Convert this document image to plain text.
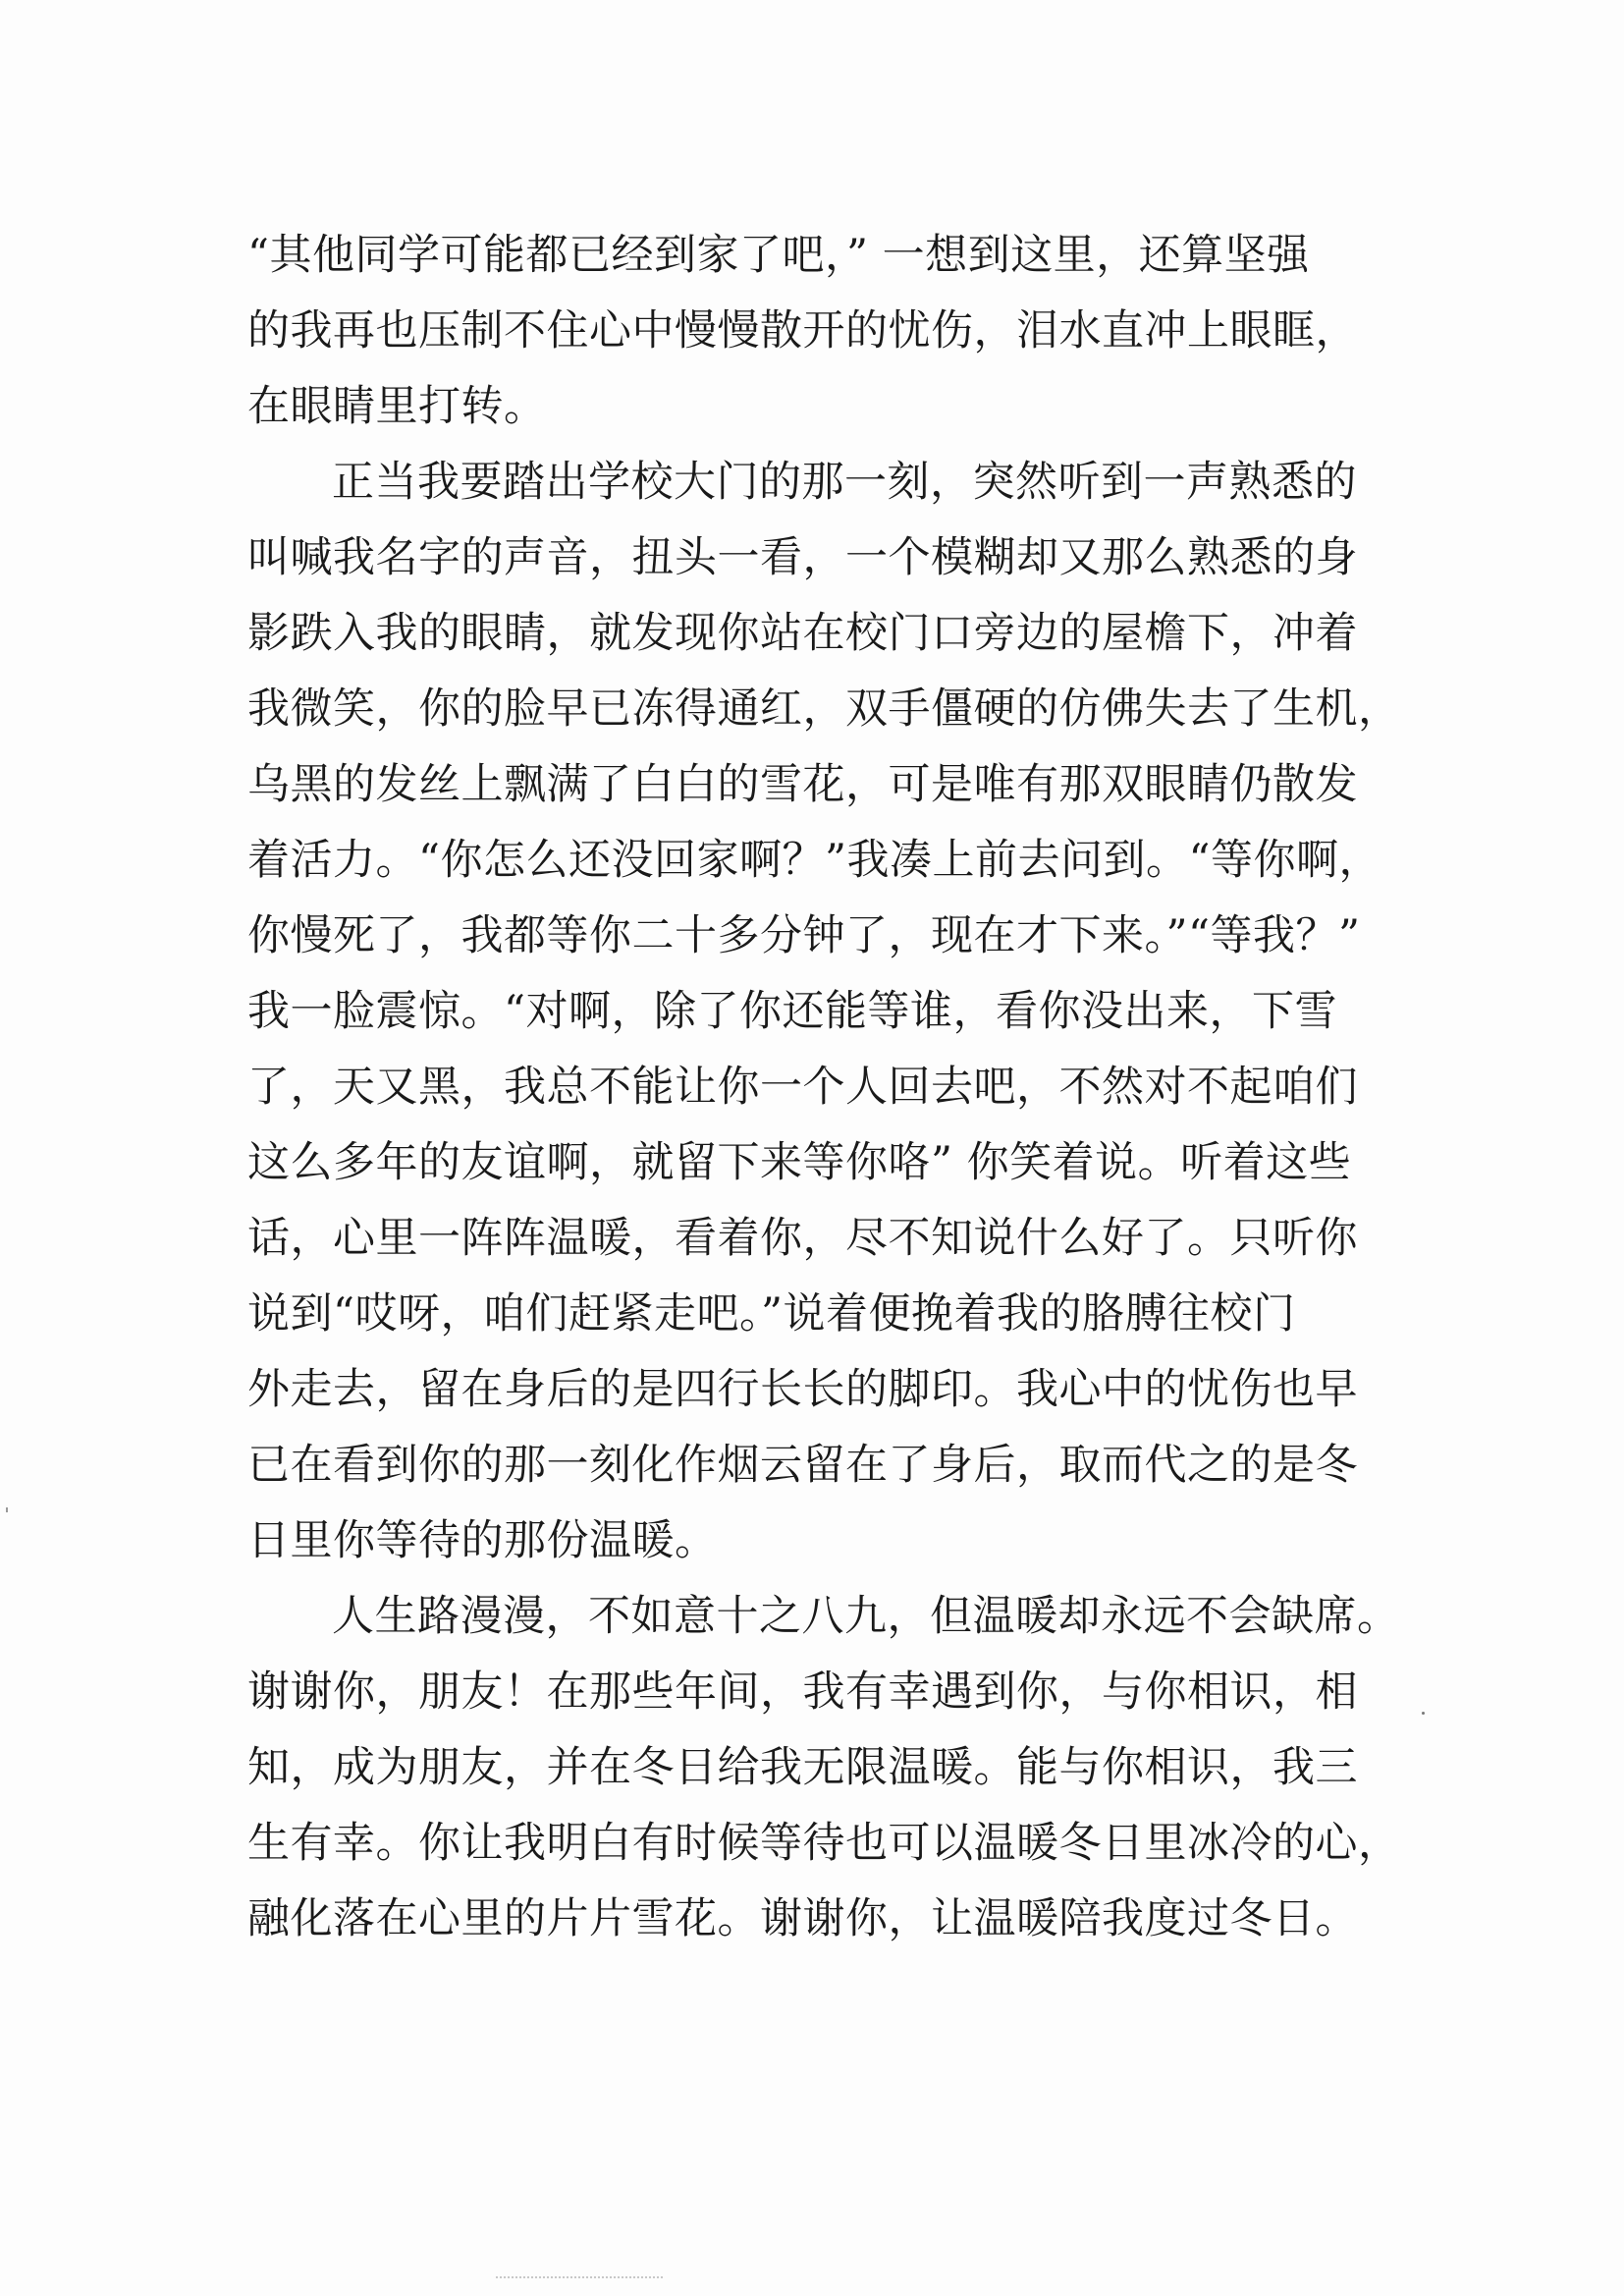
“其他同学可能都已经到家了吧，” 一想到这里，还算坚强
的我再也压制不住心中慢慢散开的忧伤，泪水直冲上眼眶，
在眼睛里打转。
正当我要踏出学校大门的那一刻，突然听到一声熟悉的
叫喊我名字的声音，扭头一看，一个模糊却又那么熟悉的身
影跌入我的眼睛，就发现你站在校门口旁边的屋檐下，冲着
我微笑，你的脸早已冻得通红，双手僵硬的仿佛失去了生机，
乌黑的发丝上飘满了白白的雪花，可是唯有那双眼睛仍散发
着活力。“你怎么还没回家啊？”我凑上前去问到。“等你啊，
你慢死了，我都等你二十多分钟了，现在才下来。”“等我？”
我一脸震惊。“对啊，除了你还能等谁，看你没出来，下雪
了，天又黑，我总不能让你一个人回去吧，不然对不起咱们
这么多年的友谊啊，就留下来等你咯” 你笑着说。听着这些
话，心里一阵阵温暖，看着你，尽不知说什么好了。只听你
说到“哎呀，咱们赶紧走吧。”说着便挽着我的胳膊往校门
外走去，留在身后的是四行长长的脚印。我心中的忧伤也早
已在看到你的那一刻化作烟云留在了身后，取而代之的是冬
日里你等待的那份温暖。
人生路漫漫，不如意十之八九，但温暖却永远不会缺席。
谢谢你，朋友！在那些年间，我有幸遇到你，与你相识，相
知，成为朋友，并在冬日给我无限温暖。能与你相识，我三
生有幸。你让我明白有时候等待也可以温暖冬日里冰冷的心，
融化落在心里的片片雪花。谢谢你，让温暖陪我度过冬日。
